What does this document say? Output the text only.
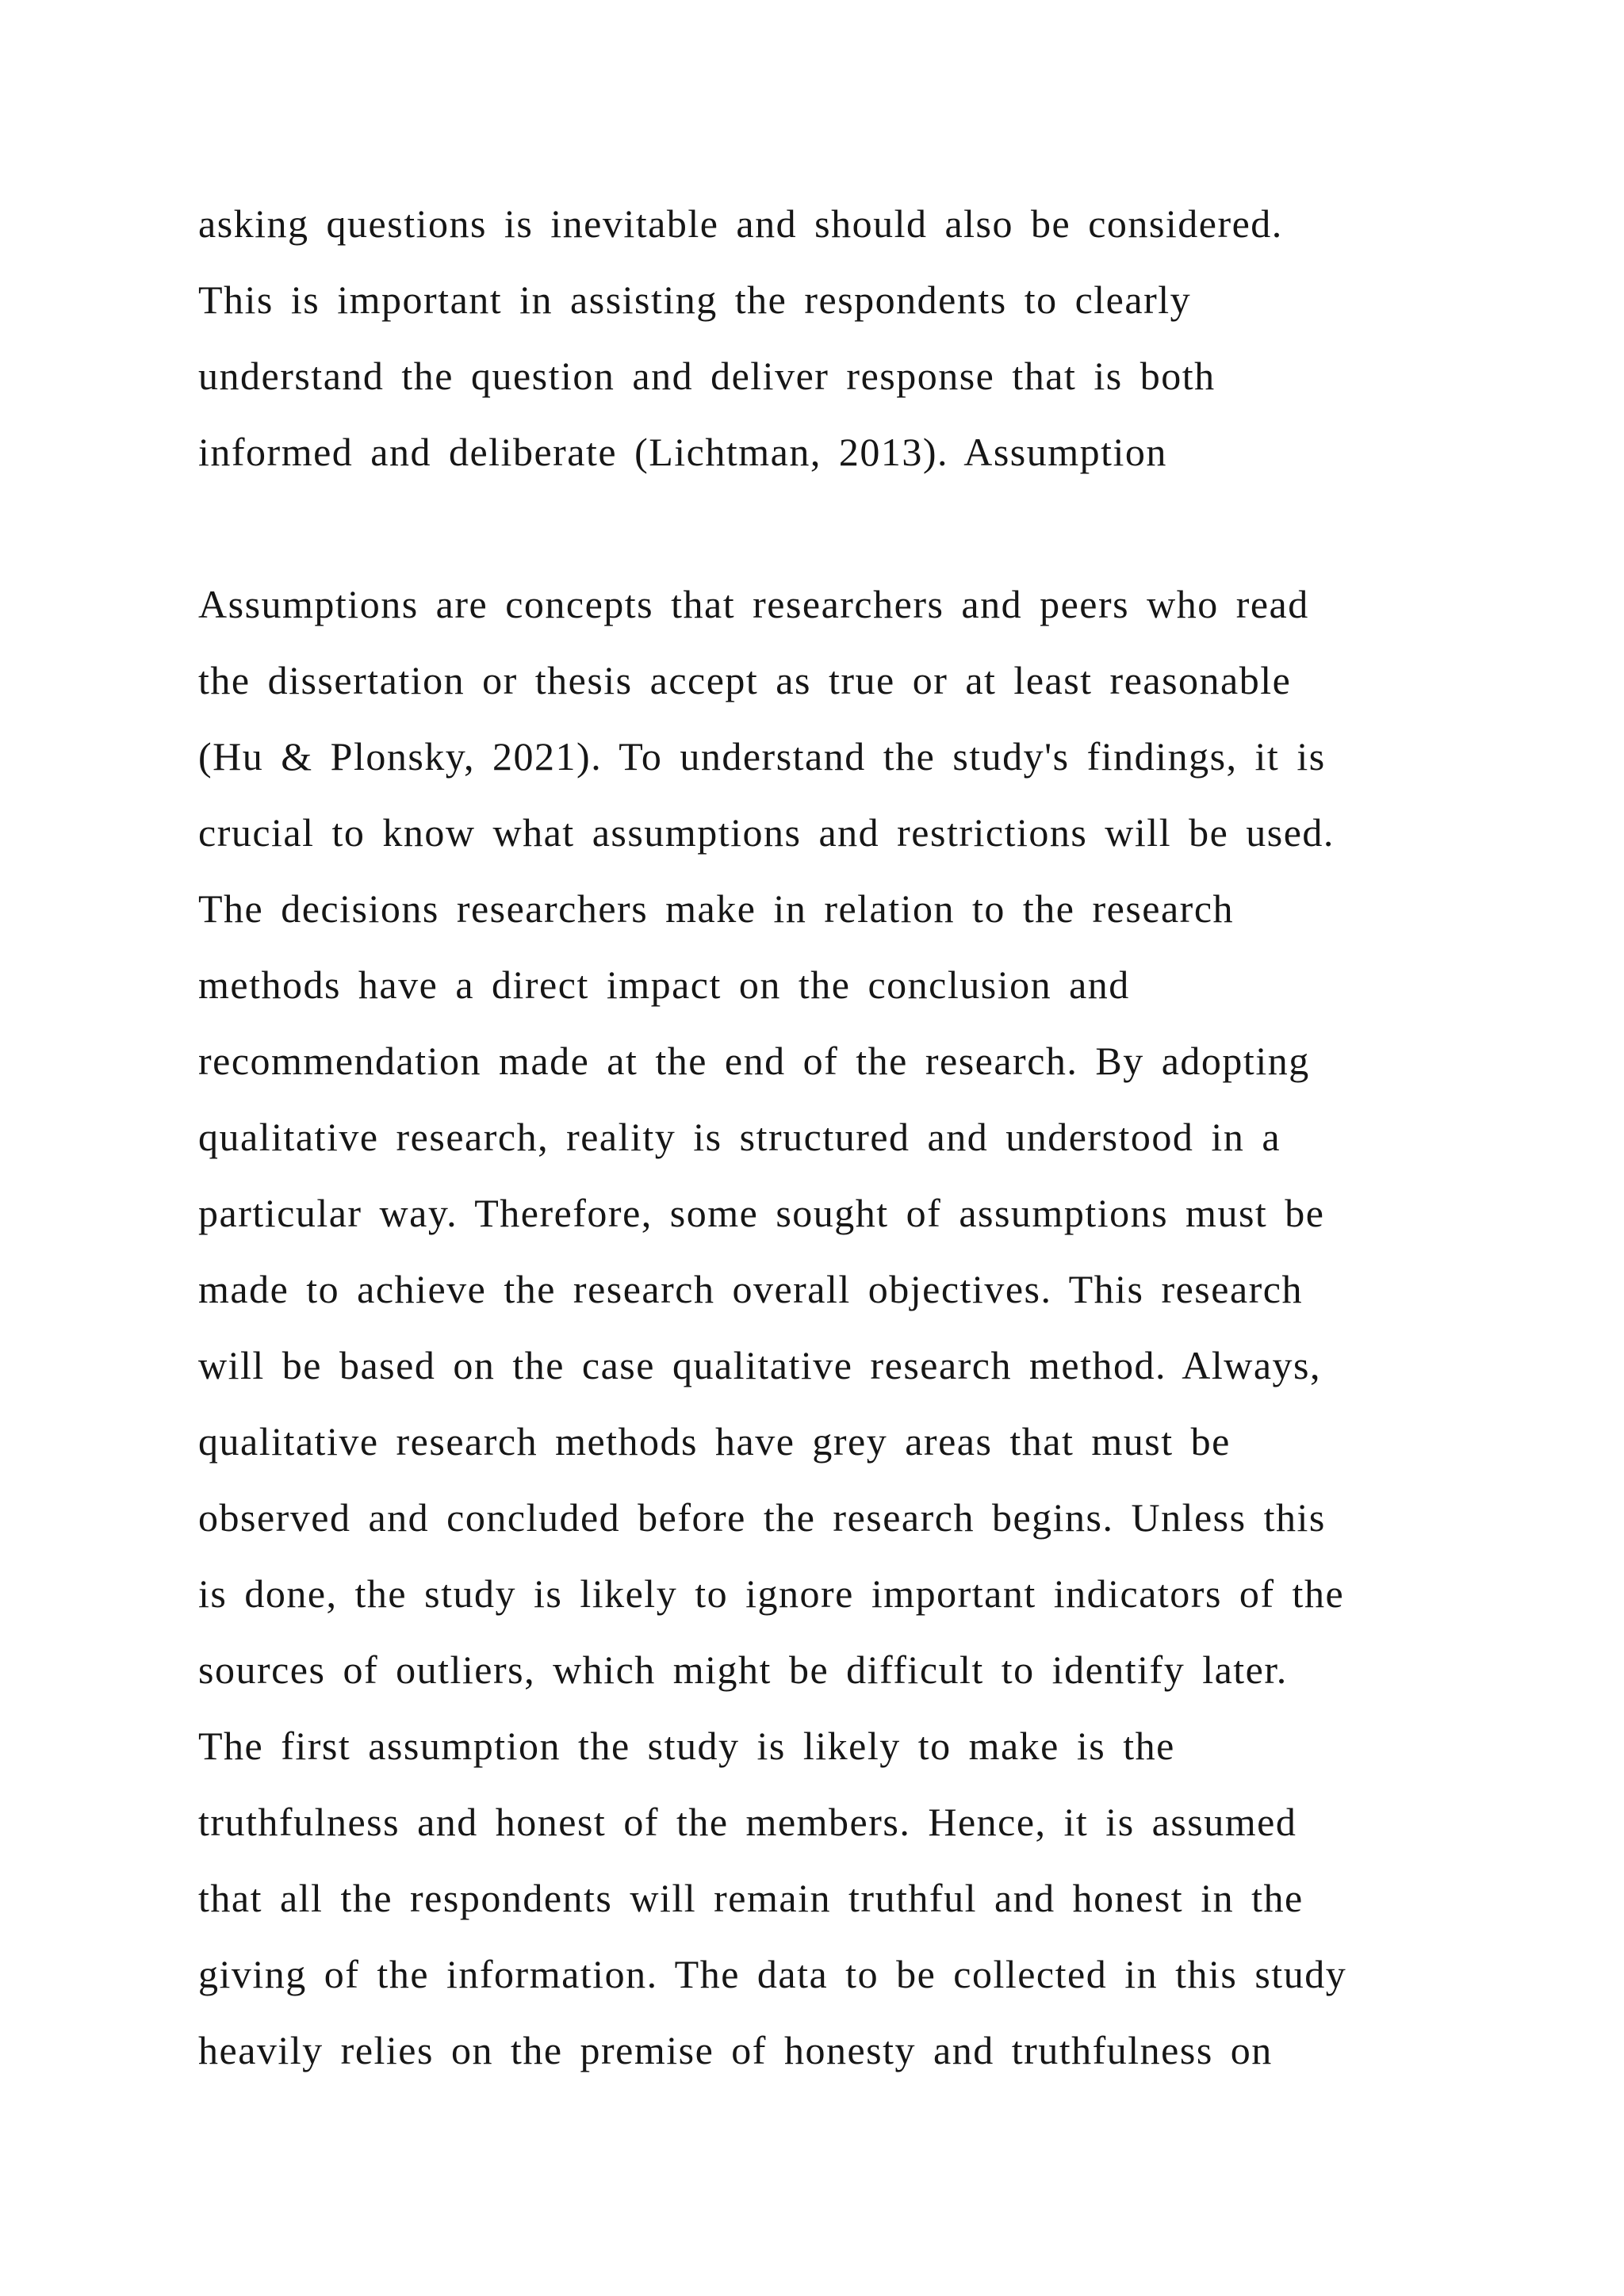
asking questions is inevitable and should also be considered.
This is important in assisting the respondents to clearly
understand the question and deliver response that is both
informed and deliberate (Lichtman, 2013). Assumption
Assumptions are concepts that researchers and peers who read
the dissertation or thesis accept as true or at least reasonable
(Hu & Plonsky, 2021). To understand the study's findings, it is
crucial to know what assumptions and restrictions will be used.
The decisions researchers make in relation to the research
methods have a direct impact on the conclusion and
recommendation made at the end of the research. By adopting
qualitative research, reality is structured and understood in a
particular way. Therefore, some sought of assumptions must be
made to achieve the research overall objectives. This research
will be based on the case qualitative research method. Always,
qualitative research methods have grey areas that must be
observed and concluded before the research begins. Unless this
is done, the study is likely to ignore important indicators of the
sources of outliers, which might be difficult to identify later.
The first assumption the study is likely to make is the
truthfulness and honest of the members. Hence, it is assumed
that all the respondents will remain truthful and honest in the
giving of the information. The data to be collected in this study
heavily relies on the premise of honesty and truthfulness on
